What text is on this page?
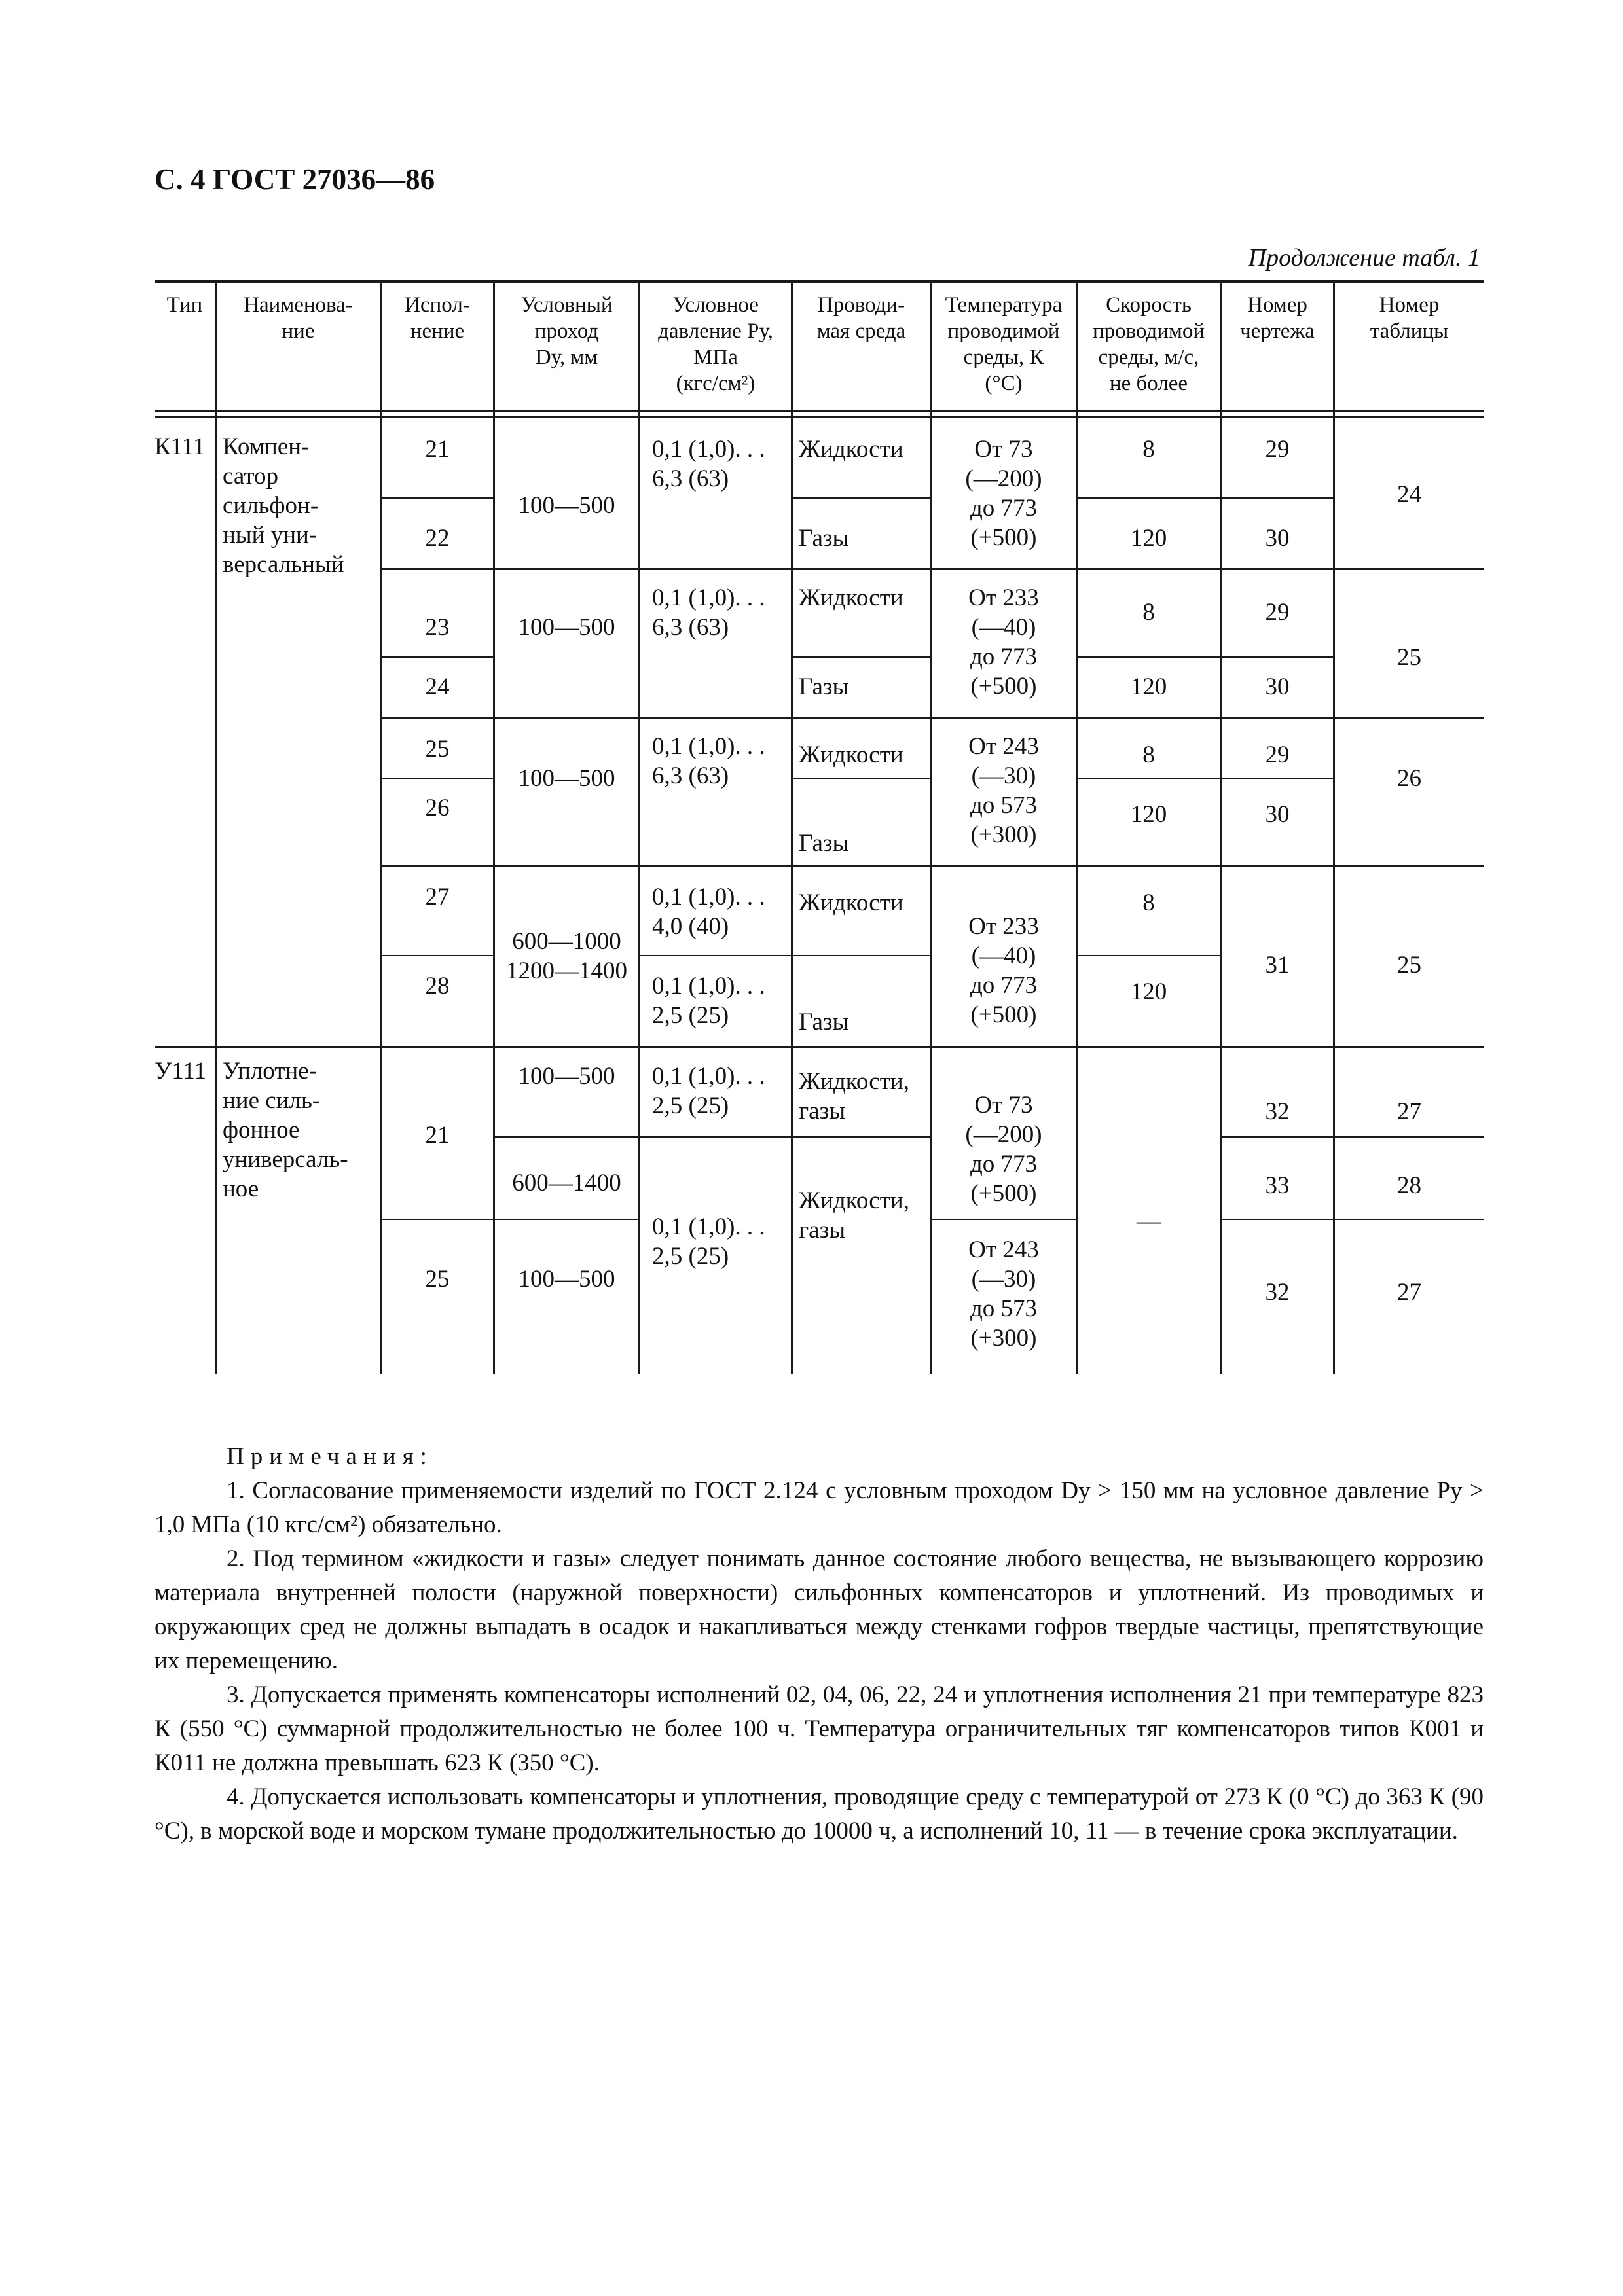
С. 4 ГОСТ 27036—86
Продолжение табл. 1
Тип	Наименова-
ние
Испол-
нение
Условный
проход
Dу, мм
Условное
давление Pу,
МПа
(кгс/см²)
Проводи-
мая среда
Температура
проводимой
среды, К
(°С)
Скорость
проводимой
среды, м/с,
не более
Номер
чертежа
Номер
таблицы
К111 Компен-
сатор
сильфон-
ный уни-
версальный
У111 Уплотне-
ние силь-
фонное
универсаль-
ное
21
22
23
24
25
26
27
28
21
25
100—500
100—500
100—500
600—1000
1200—1400
100—500
600—1400
100—500
0,1 (1,0). . .
6,3 (63)
0,1 (1,0). . .
6,3 (63)
0,1 (1,0). . .
6,3 (63)
0,1 (1,0). . .
4,0 (40)
0,1 (1,0). . .
2,5 (25)
0,1 (1,0). . .
2,5 (25)
0,1 (1,0). . .
2,5 (25)
Жидкости
Газы
Жидкости
Газы
Жидкости
Газы
Жидкости
Газы
Жидкости,
газы
Жидкости,
газы
От 73
(—200)
до 773
(+500)
От 233
(—40)
до 773
(+500)
От 243
(—30)
до 573
(+300)
От 233
(—40)
до 773
(+500)
От 73
(—200)
до 773
(+500)
От 243
(—30)
до 573
(+300)
8
120
8
120
8
120
8
120
—
29
30
29
30
29
30
31
32
33
32
24
25
26
25
27
28
27
Примечания:
1. Согласование применяемости изделий по ГОСТ 2.124 с условным проходом Dу > 150 мм на условное давление Pу > 1,0 МПа (10 кгс/см²) обязательно.
2. Под термином «жидкости и газы» следует понимать данное состояние любого вещества, не вызывающего коррозию материала внутренней полости (наружной поверхности) сильфонных компенсаторов и уплотнений. Из проводимых и окружающих сред не должны выпадать в осадок и накапливаться между стенками гофров твердые частицы, препятствующие их перемещению.
3. Допускается применять компенсаторы исполнений 02, 04, 06, 22, 24 и уплотнения исполнения 21 при температуре 823 К (550 °С) суммарной продолжительностью не более 100 ч. Температура ограничительных тяг компенсаторов типов К001 и К011 не должна превышать 623 К (350 °С).
4. Допускается использовать компенсаторы и уплотнения, проводящие среду с температурой от 273 К (0 °С) до 363 К (90 °С), в морской воде и морском тумане продолжительностью до 10000 ч, а исполнений 10, 11 — в течение срока эксплуатации.
